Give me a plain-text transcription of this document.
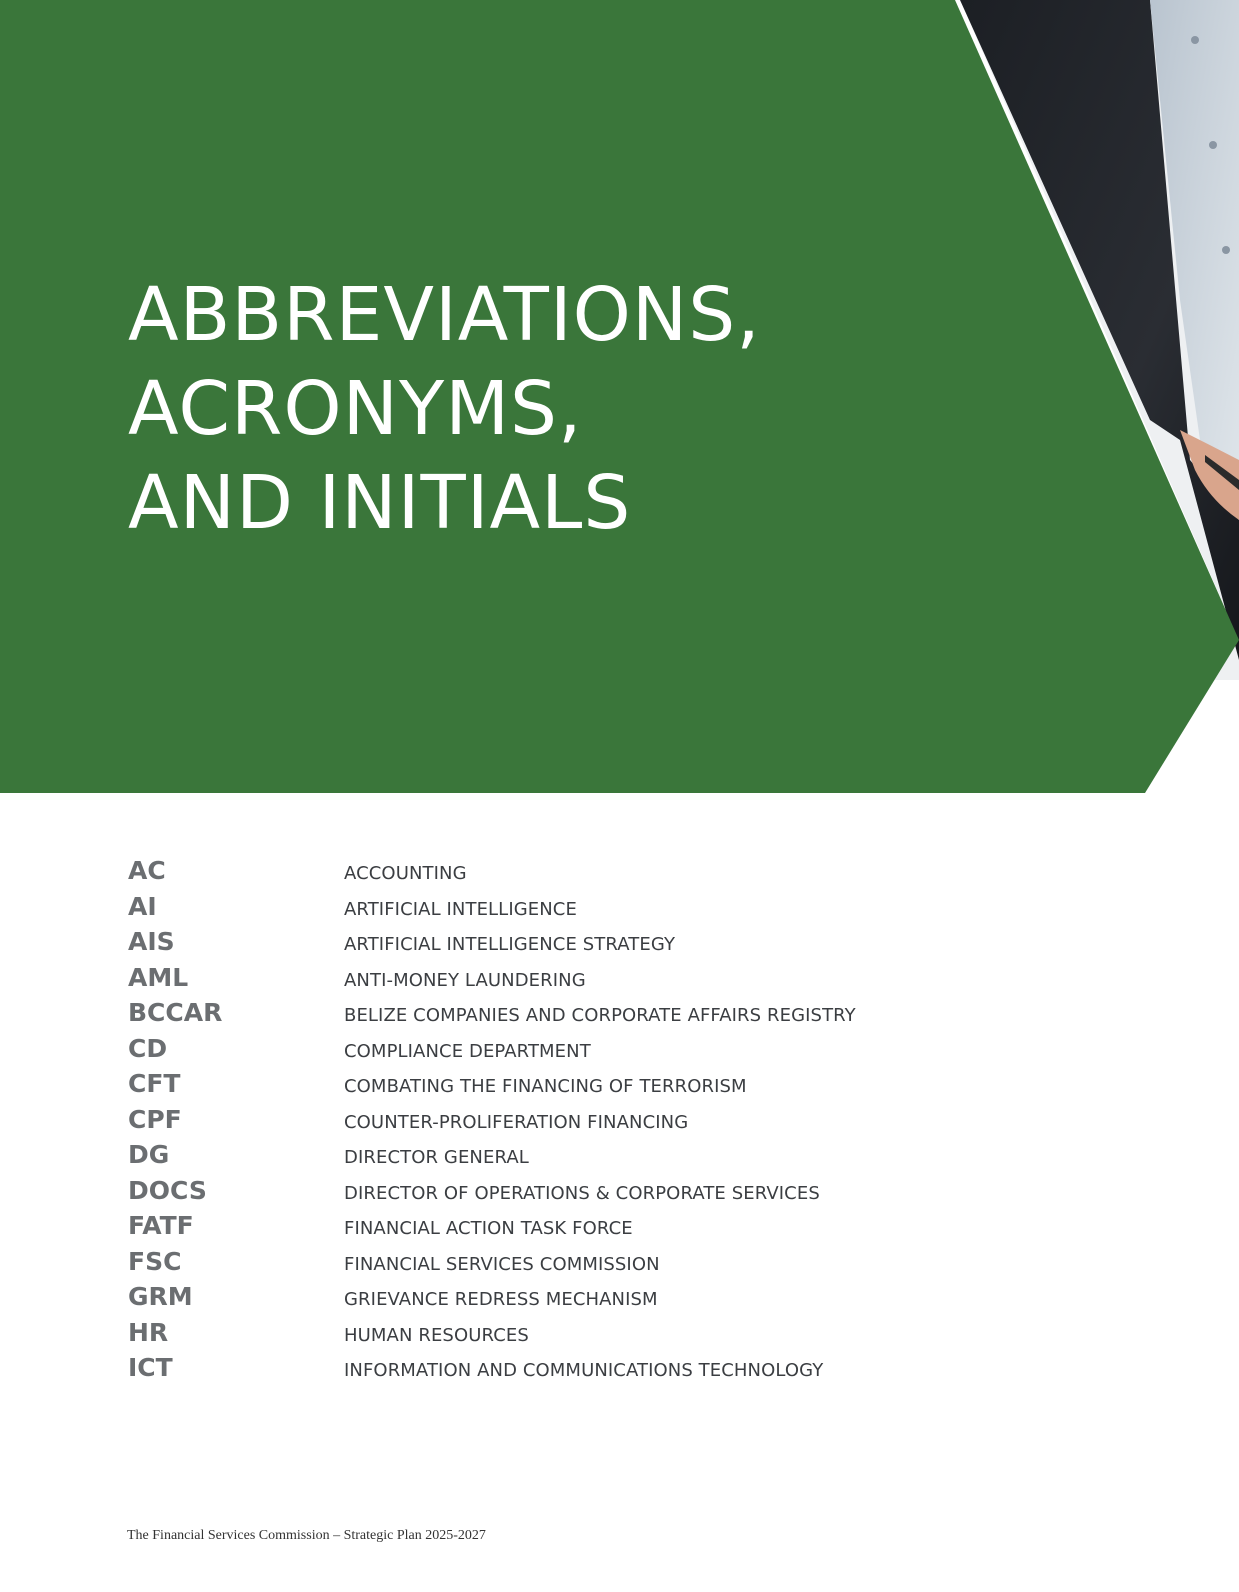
ABBREVIATIONS,
ACRONYMS,
AND INITIALS
AC	ACCOUNTING
AI	ARTIFICIAL INTELLIGENCE
AIS	ARTIFICIAL INTELLIGENCE STRATEGY
AML	ANTI-MONEY LAUNDERING
BCCAR	BELIZE COMPANIES AND CORPORATE AFFAIRS REGISTRY
CD	COMPLIANCE DEPARTMENT
CFT	COMBATING THE FINANCING OF TERRORISM
CPF	COUNTER-PROLIFERATION FINANCING
DG	DIRECTOR GENERAL
DOCS	DIRECTOR OF OPERATIONS & CORPORATE SERVICES
FATF	FINANCIAL ACTION TASK FORCE
FSC	FINANCIAL SERVICES COMMISSION
GRM	GRIEVANCE REDRESS MECHANISM
HR	HUMAN RESOURCES
ICT	INFORMATION AND COMMUNICATIONS TECHNOLOGY
The Financial Services Commission – Strategic Plan 2025-2027
